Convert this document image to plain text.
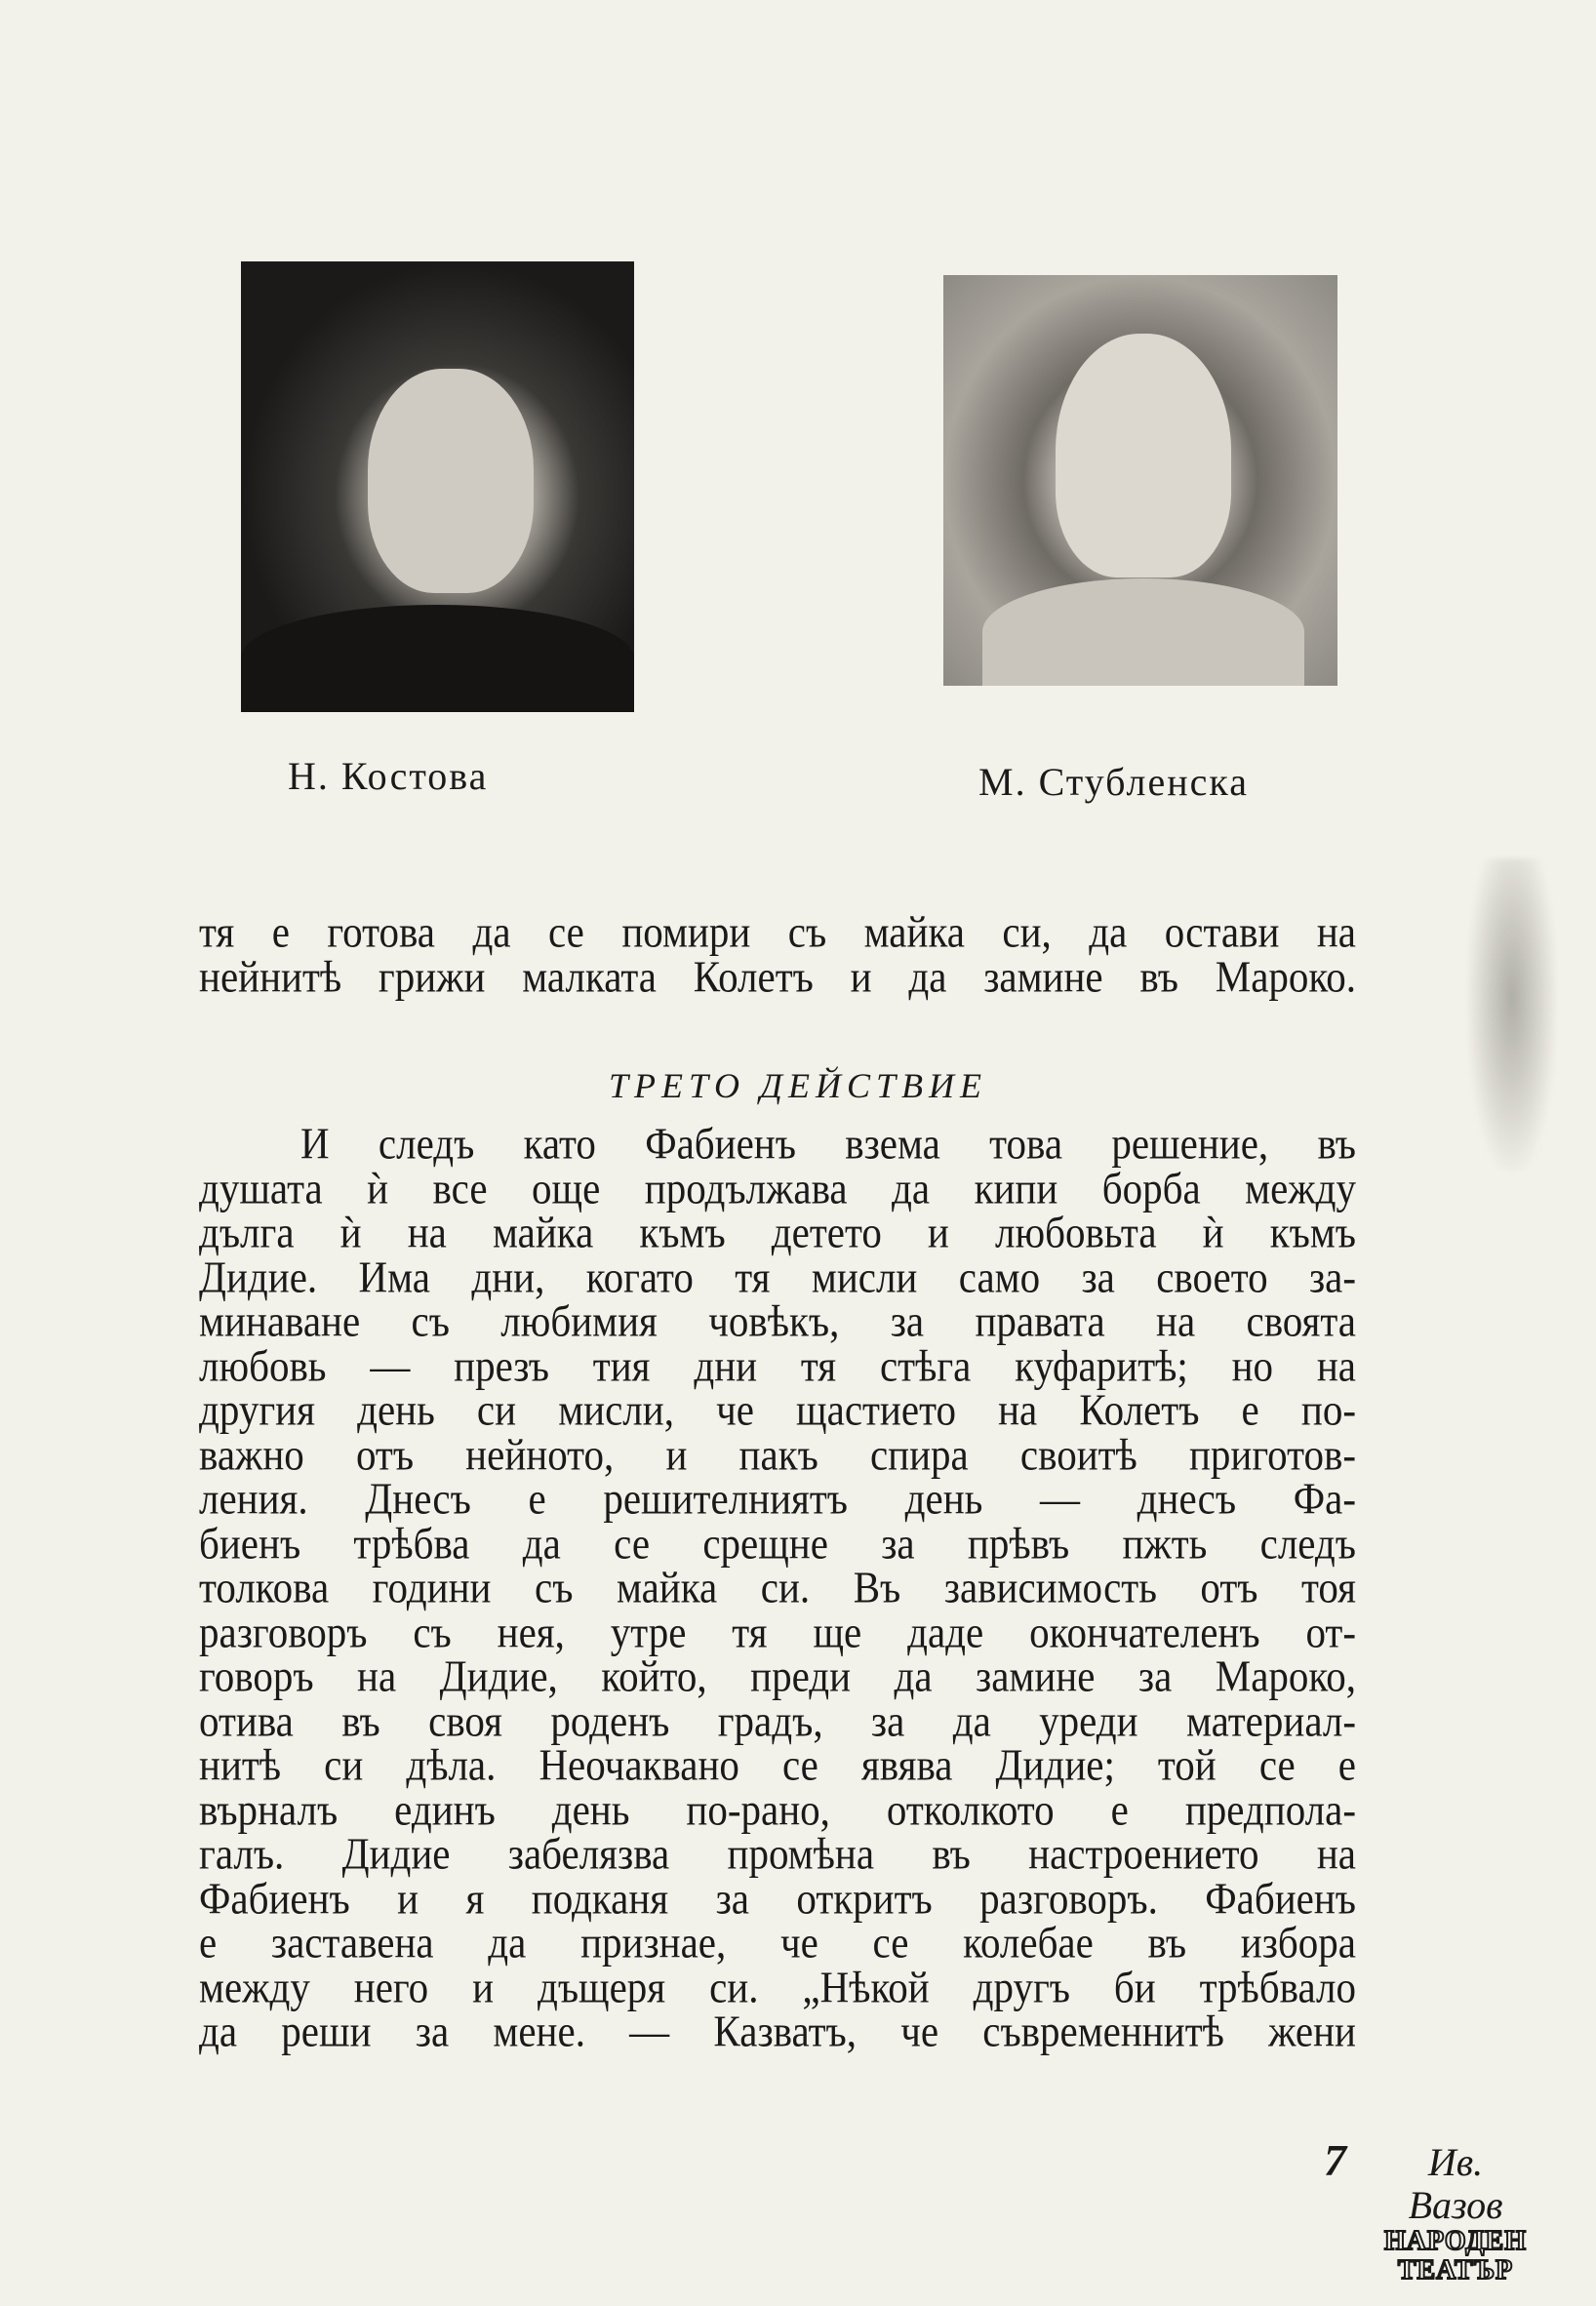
Н. Костова	М. Стубленска
тя е готова да се помири съ майка си, да остави на
нейнитѣ грижи малката Колетъ и да замине въ Мароко.
ТРЕТО ДЕЙСТВИЕ
И следъ като Фабиенъ взема това решение, въ
душата ѝ все още продължава да кипи борба между
дълга ѝ на майка къмъ детето и любовьта ѝ къмъ
Дидие. Има дни, когато тя мисли само за своето за-
минаване съ любимия човѣкъ, за правата на своята
любовь — презъ тия дни тя стѣга куфаритѣ; но на
другия день си мисли, че щастието на Колетъ е по-
важно отъ нейното, и пакъ спира своитѣ приготов-
ления. Днесъ е решителниятъ день — днесъ Фа-
биенъ трѣбва да се срещне за прѣвъ пжть следъ
толкова години съ майка си. Въ зависимость отъ тоя
разговоръ съ нея, утре тя ще даде окончателенъ от-
говоръ на Дидие, който, преди да замине за Мароко,
отива въ своя роденъ градъ, за да уреди материал-
нитѣ си дѣла. Неочаквано се явява Дидие; той се е
върналъ единъ день по-рано, отколкото е предпола-
галъ. Дидие забелязва промѣна въ настроението на
Фабиенъ и я подканя за откритъ разговоръ. Фабиенъ
е заставена да признае, че се колебае въ избора
между него и дъщеря си. „Нѣкой другъ би трѣбвало
да реши за мене. — Казватъ, че съвременнитѣ жени
7	Ив. Вазов
НАРОДЕН
ТЕАТЪР
